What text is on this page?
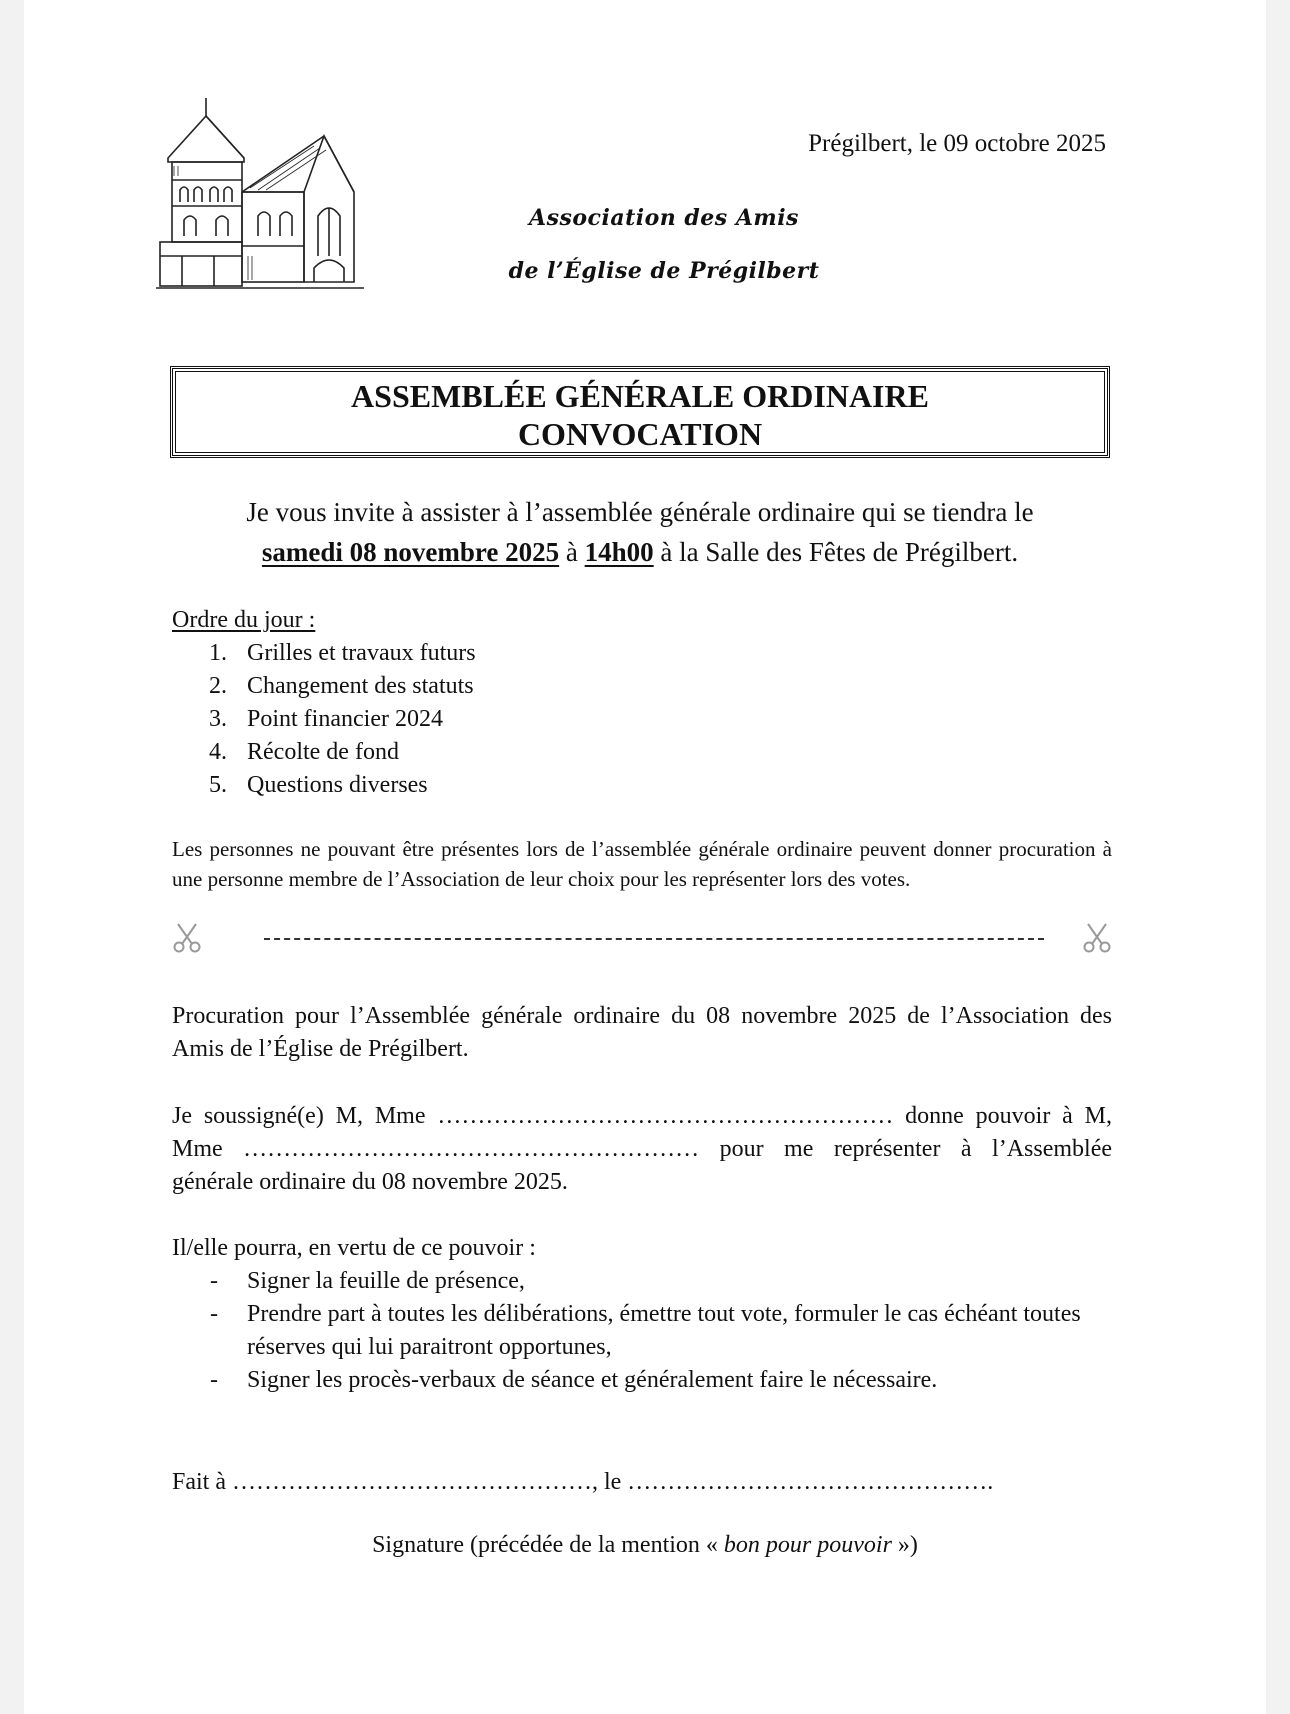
Prégilbert, le 09 octobre 2025
Association des Amis
de l’Église de Prégilbert
ASSEMBLÉE GÉNÉRALE ORDINAIRE
CONVOCATION
Je vous invite à assister à l’assemblée générale ordinaire qui se tiendra le
samedi 08 novembre 2025 à 14h00 à la Salle des Fêtes de Prégilbert.
Ordre du jour :
1. Grilles et travaux futurs
2. Changement des statuts
3. Point financier 2024
4. Récolte de fond
5. Questions diverses
Les personnes ne pouvant être présentes lors de l’assemblée générale ordinaire peuvent donner procuration à une personne membre de l’Association de leur choix pour les représenter lors des votes.
Procuration pour l’Assemblée générale ordinaire du 08 novembre 2025 de l’Association des Amis de l’Église de Prégilbert.
Je soussigné(e) M, Mme ………………………………………………… donne pouvoir à M, Mme ………………………………………………… pour me représenter à l’Assemblée générale ordinaire du 08 novembre 2025.
Il/elle pourra, en vertu de ce pouvoir :
- Signer la feuille de présence,
- Prendre part à toutes les délibérations, émettre tout vote, formuler le cas échéant toutes réserves qui lui paraitront opportunes,
- Signer les procès-verbaux de séance et généralement faire le nécessaire.
Fait à ………………………………………, le ……………………………………….
Signature (précédée de la mention « bon pour pouvoir »)
